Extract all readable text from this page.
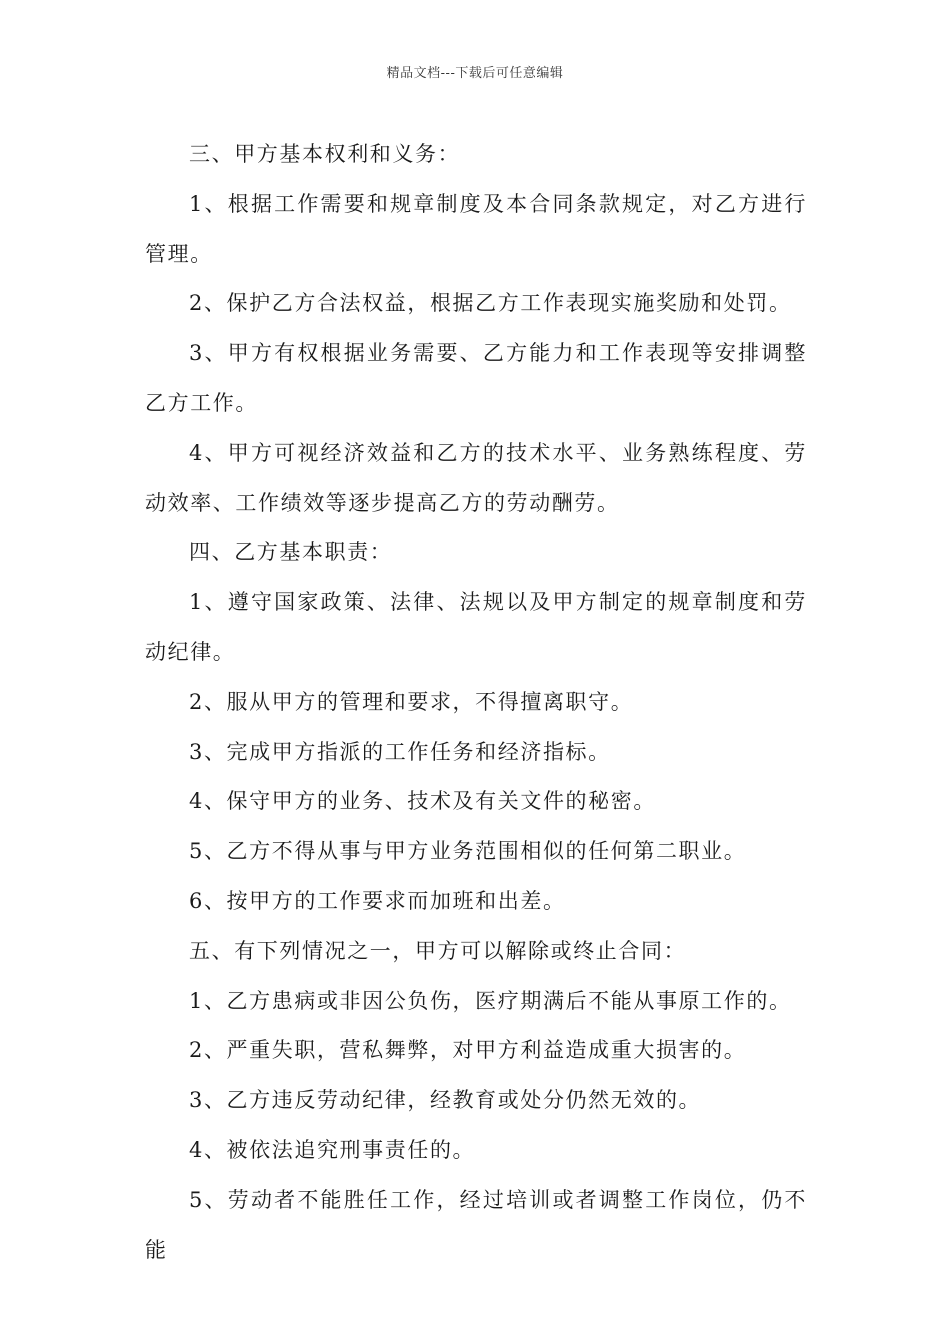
精品文档---下载后可任意编辑

三、甲方基本权利和义务：

1、根据工作需要和规章制度及本合同条款规定，对乙方进行管理。

2、保护乙方合法权益，根据乙方工作表现实施奖励和处罚。

3、甲方有权根据业务需要、乙方能力和工作表现等安排调整乙方工作。

4、甲方可视经济效益和乙方的技术水平、业务熟练程度、劳动效率、工作绩效等逐步提高乙方的劳动酬劳。

四、乙方基本职责：

1、遵守国家政策、法律、法规以及甲方制定的规章制度和劳动纪律。

2、服从甲方的管理和要求，不得擅离职守。

3、完成甲方指派的工作任务和经济指标。

4、保守甲方的业务、技术及有关文件的秘密。

5、乙方不得从事与甲方业务范围相似的任何第二职业。

6、按甲方的工作要求而加班和出差。

五、有下列情况之一，甲方可以解除或终止合同：

1、乙方患病或非因公负伤，医疗期满后不能从事原工作的。

2、严重失职，营私舞弊，对甲方利益造成重大损害的。

3、乙方违反劳动纪律，经教育或处分仍然无效的。

4、被依法追究刑事责任的。

5、劳动者不能胜任工作，经过培训或者调整工作岗位，仍不能
